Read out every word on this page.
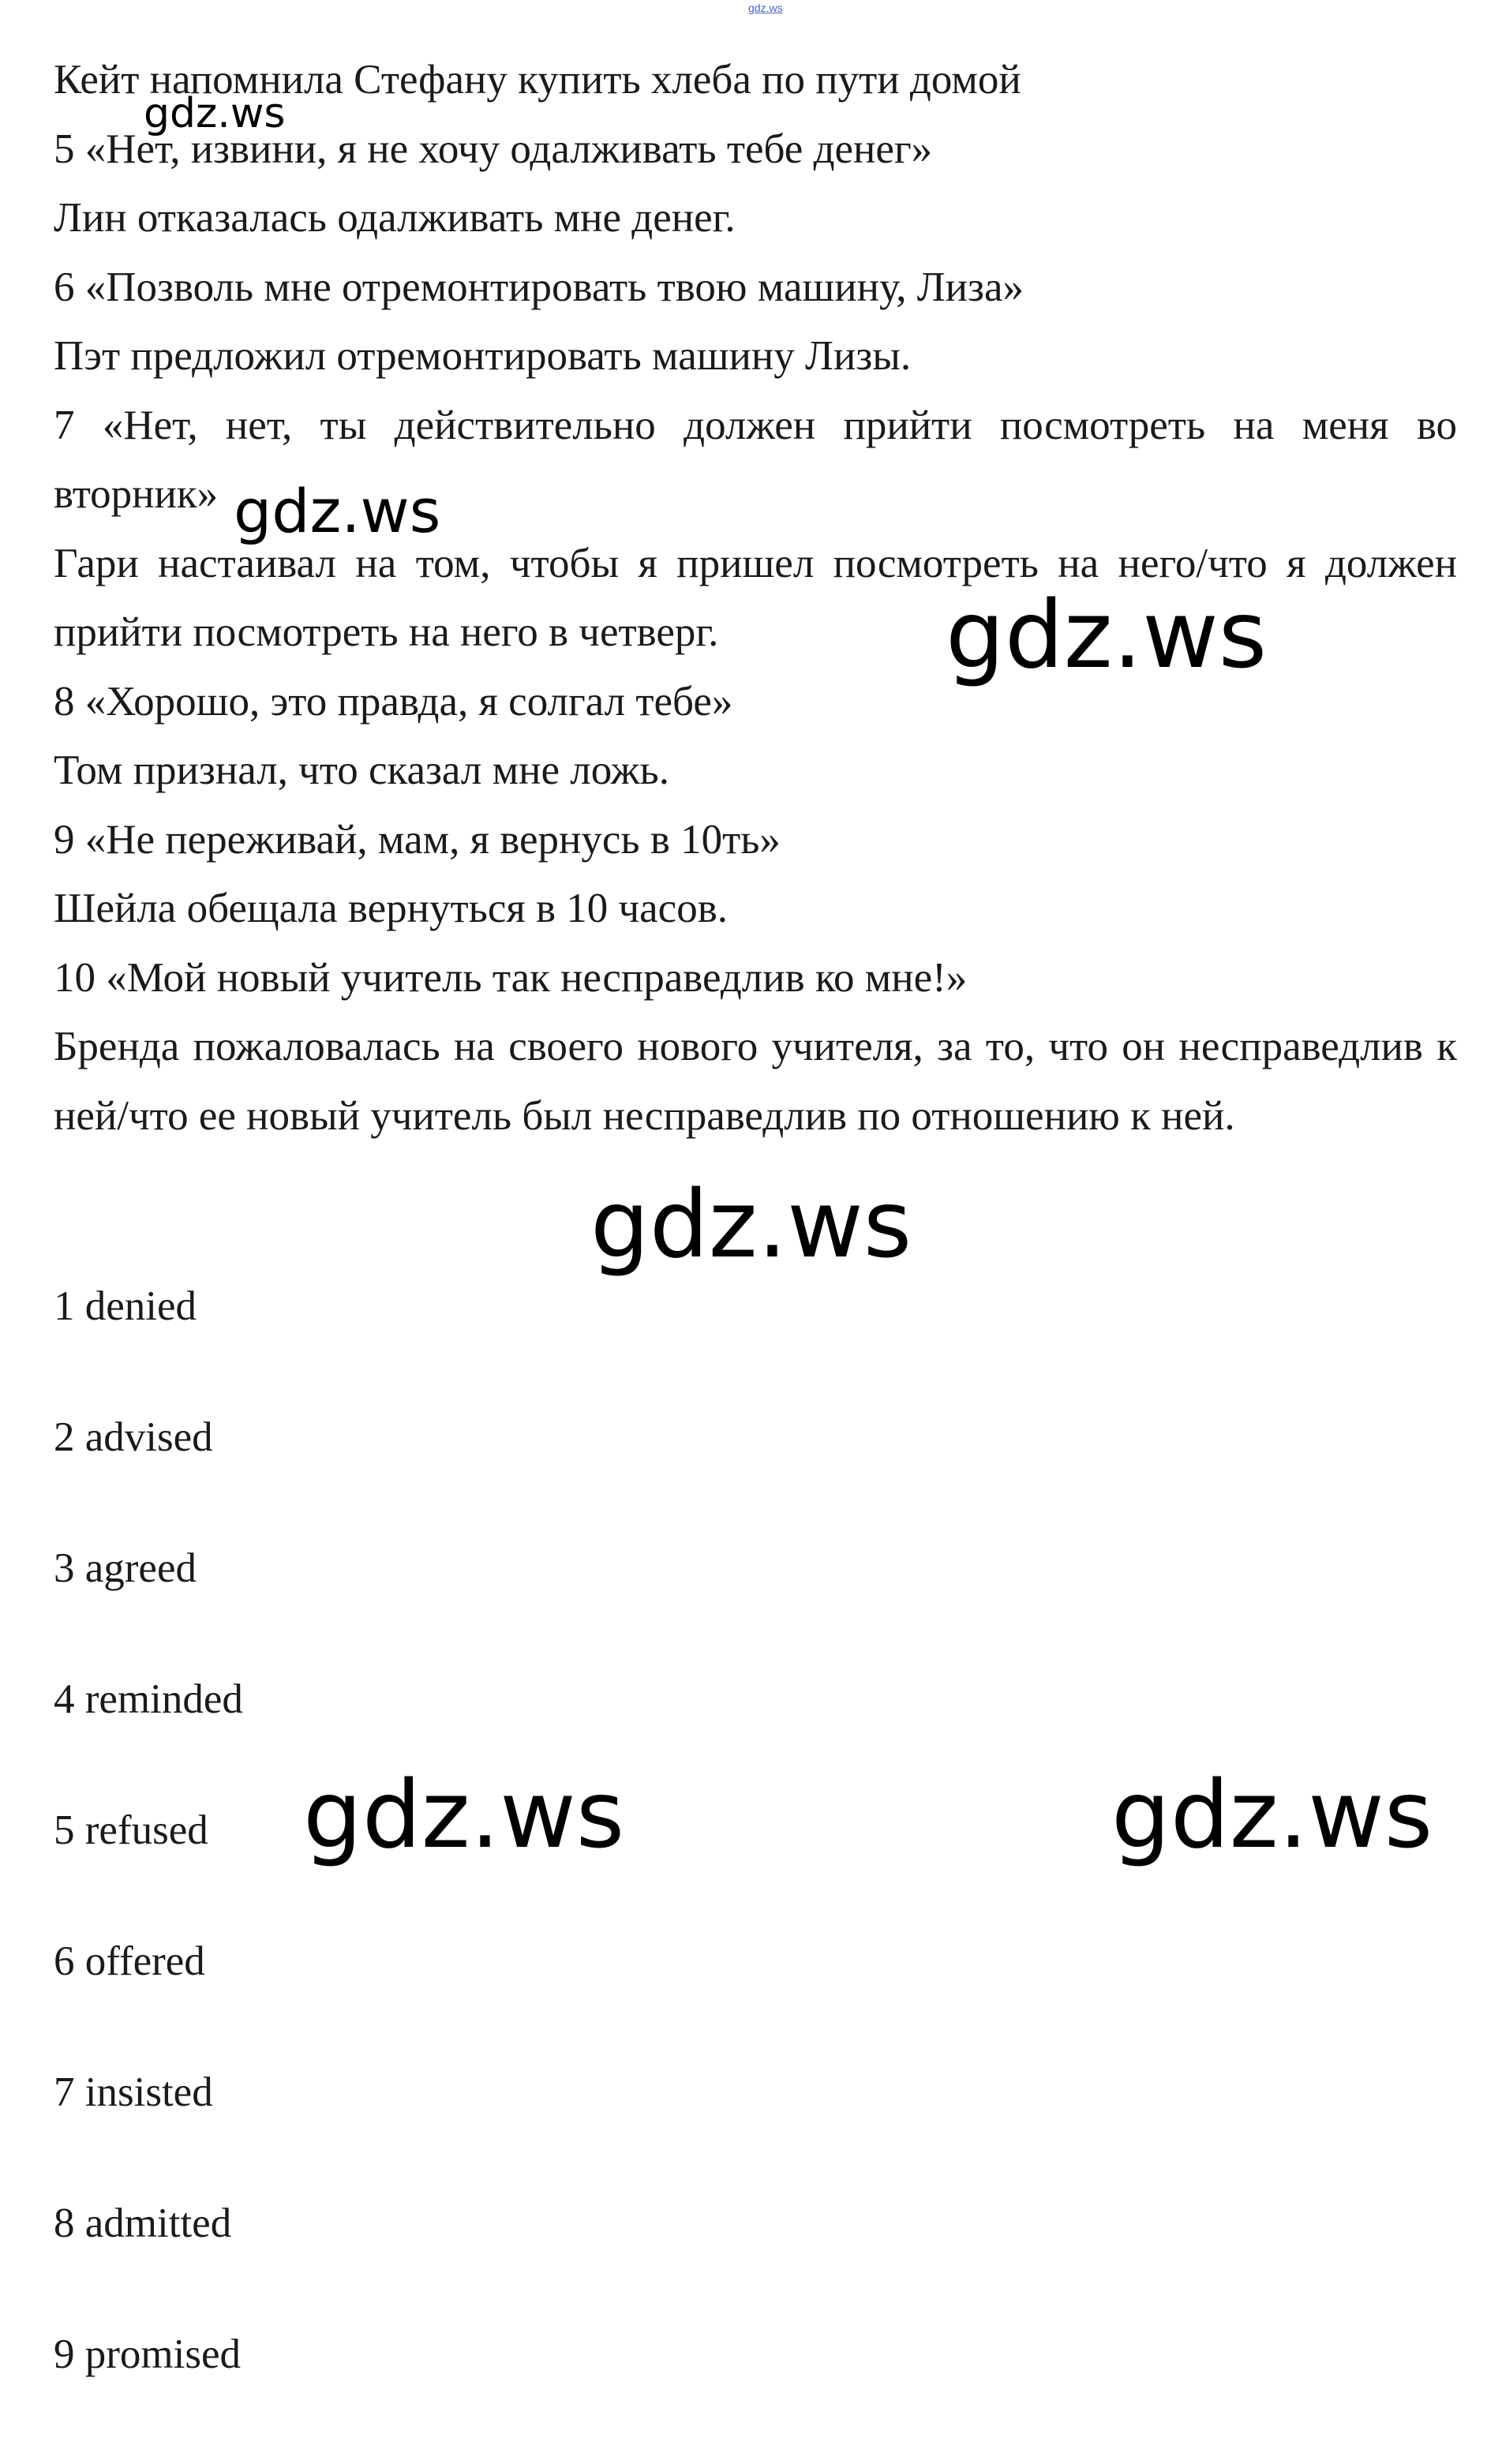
gdz.ws
Кейт напомнила Стефану купить хлеба по пути домой
5 «Нет, извини, я не хочу одалживать тебе денег»
Лин отказалась одалживать мне денег.
6 «Позволь мне отремонтировать твою машину, Лиза»
Пэт предложил отремонтировать машину Лизы.
7 «Нет, нет, ты действительно должен прийти посмотреть на меня во вторник»
Гари настаивал на том, чтобы я пришел посмотреть на него/что я должен прийти посмотреть на него в четверг.
8 «Хорошо, это правда, я солгал тебе»
Том признал, что сказал мне ложь.
9 «Не переживай, мам, я вернусь в 10ть»
Шейла обещала вернуться в 10 часов.
10 «Мой новый учитель так несправедлив ко мне!»
Бренда пожаловалась на своего нового учителя, за то, что он несправедлив к ней/что ее новый учитель был несправедлив по отношению к ней.
1 denied
2 advised
3 agreed
4 reminded
5 refused
6 offered
7 insisted
8 admitted
9 promised
gdz.ws
gdz.ws
gdz.ws
gdz.ws
gdz.ws	gdz.ws
